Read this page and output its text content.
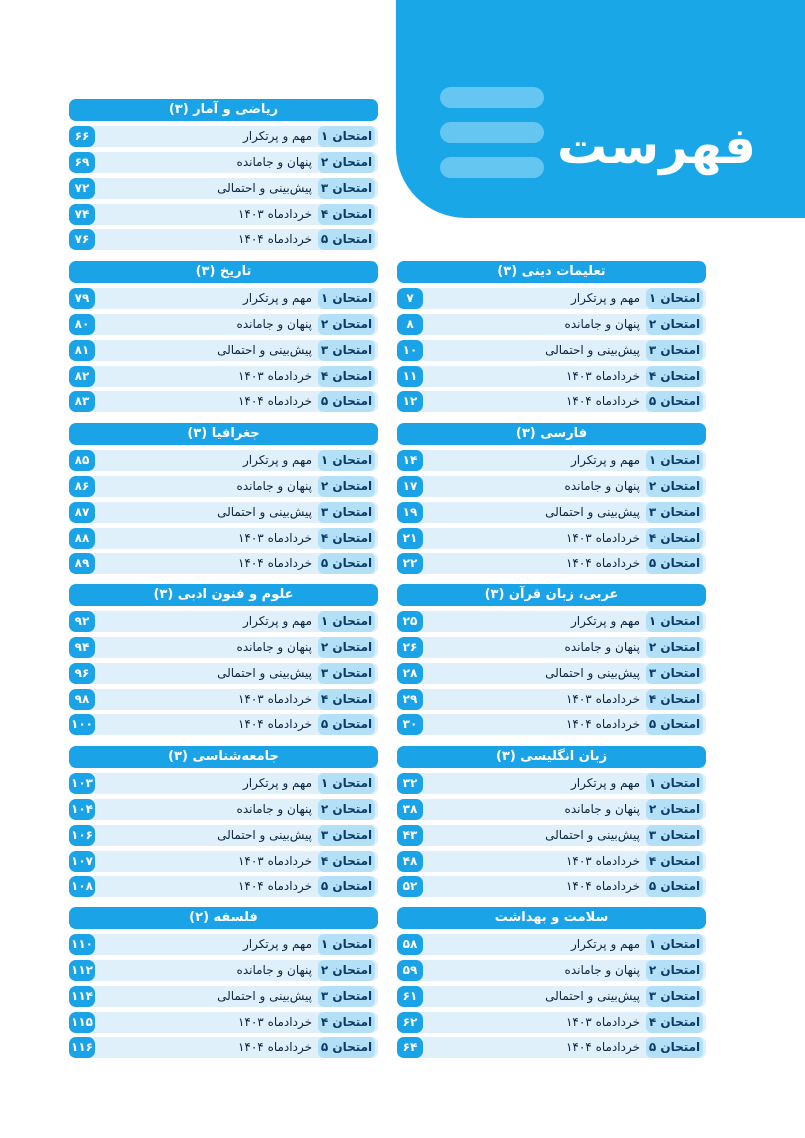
فهرست
ریاضی و آمار (۳)
امتحان ۱
مهم و پرتکرار
۶۶
امتحان ۲
پنهان و جامانده
۶۹
امتحان ۳
پیش‌بینی و احتمالی
۷۲
امتحان ۴
خردادماه ۱۴۰۳
۷۴
امتحان ۵
خردادماه ۱۴۰۴
۷۶
تاریخ (۳)
امتحان ۱
مهم و پرتکرار
۷۹
امتحان ۲
پنهان و جامانده
۸۰
امتحان ۳
پیش‌بینی و احتمالی
۸۱
امتحان ۴
خردادماه ۱۴۰۳
۸۲
امتحان ۵
خردادماه ۱۴۰۴
۸۳
جغرافیا (۳)
امتحان ۱
مهم و پرتکرار
۸۵
امتحان ۲
پنهان و جامانده
۸۶
امتحان ۳
پیش‌بینی و احتمالی
۸۷
امتحان ۴
خردادماه ۱۴۰۳
۸۸
امتحان ۵
خردادماه ۱۴۰۴
۸۹
علوم و فنون ادبی (۳)
امتحان ۱
مهم و پرتکرار
۹۲
امتحان ۲
پنهان و جامانده
۹۴
امتحان ۳
پیش‌بینی و احتمالی
۹۶
امتحان ۴
خردادماه ۱۴۰۳
۹۸
امتحان ۵
خردادماه ۱۴۰۴
۱۰۰
جامعه‌شناسی (۳)
امتحان ۱
مهم و پرتکرار
۱۰۳
امتحان ۲
پنهان و جامانده
۱۰۴
امتحان ۳
پیش‌بینی و احتمالی
۱۰۶
امتحان ۴
خردادماه ۱۴۰۳
۱۰۷
امتحان ۵
خردادماه ۱۴۰۴
۱۰۸
فلسفه (۲)
امتحان ۱
مهم و پرتکرار
۱۱۰
امتحان ۲
پنهان و جامانده
۱۱۲
امتحان ۳
پیش‌بینی و احتمالی
۱۱۴
امتحان ۴
خردادماه ۱۴۰۳
۱۱۵
امتحان ۵
خردادماه ۱۴۰۴
۱۱۶
تعلیمات دینی (۳)
امتحان ۱
مهم و پرتکرار
۷
امتحان ۲
پنهان و جامانده
۸
امتحان ۳
پیش‌بینی و احتمالی
۱۰
امتحان ۴
خردادماه ۱۴۰۳
۱۱
امتحان ۵
خردادماه ۱۴۰۴
۱۲
فارسی (۳)
امتحان ۱
مهم و پرتکرار
۱۴
امتحان ۲
پنهان و جامانده
۱۷
امتحان ۳
پیش‌بینی و احتمالی
۱۹
امتحان ۴
خردادماه ۱۴۰۳
۲۱
امتحان ۵
خردادماه ۱۴۰۴
۲۲
عربی، زبان قرآن (۳)
امتحان ۱
مهم و پرتکرار
۲۵
امتحان ۲
پنهان و جامانده
۲۶
امتحان ۳
پیش‌بینی و احتمالی
۲۸
امتحان ۴
خردادماه ۱۴۰۳
۲۹
امتحان ۵
خردادماه ۱۴۰۴
۳۰
زبان انگلیسی (۳)
امتحان ۱
مهم و پرتکرار
۳۲
امتحان ۲
پنهان و جامانده
۳۸
امتحان ۳
پیش‌بینی و احتمالی
۴۳
امتحان ۴
خردادماه ۱۴۰۳
۴۸
امتحان ۵
خردادماه ۱۴۰۴
۵۲
سلامت و بهداشت
امتحان ۱
مهم و پرتکرار
۵۸
امتحان ۲
پنهان و جامانده
۵۹
امتحان ۳
پیش‌بینی و احتمالی
۶۱
امتحان ۴
خردادماه ۱۴۰۳
۶۲
امتحان ۵
خردادماه ۱۴۰۴
۶۴
